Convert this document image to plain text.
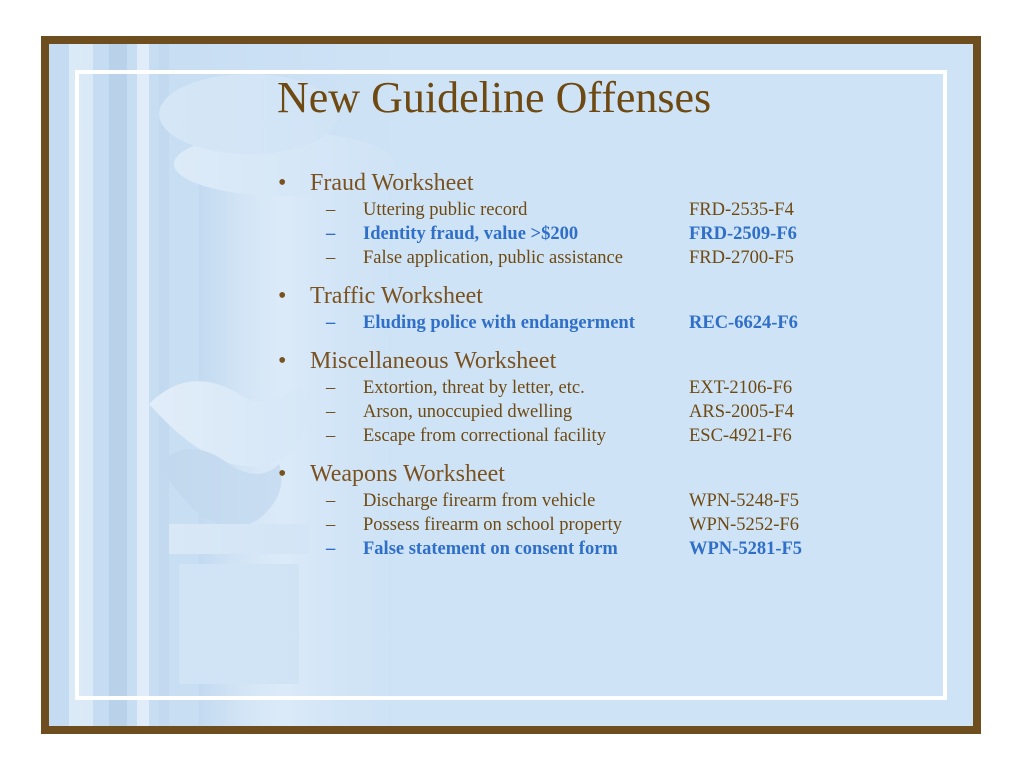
New Guideline Offenses
• Fraud Worksheet
–	Uttering public record	FRD-2535-F4
–	Identity fraud, value >$200	FRD-2509-F6
–	False application, public assistance	FRD-2700-F5
• Traffic Worksheet
–	Eluding police with endangerment	REC-6624-F6
• Miscellaneous Worksheet
–	Extortion, threat by letter, etc.	EXT-2106-F6
–	Arson, unoccupied dwelling	ARS-2005-F4
–	Escape from correctional facility	ESC-4921-F6
• Weapons Worksheet
–	Discharge firearm from vehicle	WPN-5248-F5
–	Possess firearm on school property	WPN-5252-F6
–	False statement on consent form	WPN-5281-F5
